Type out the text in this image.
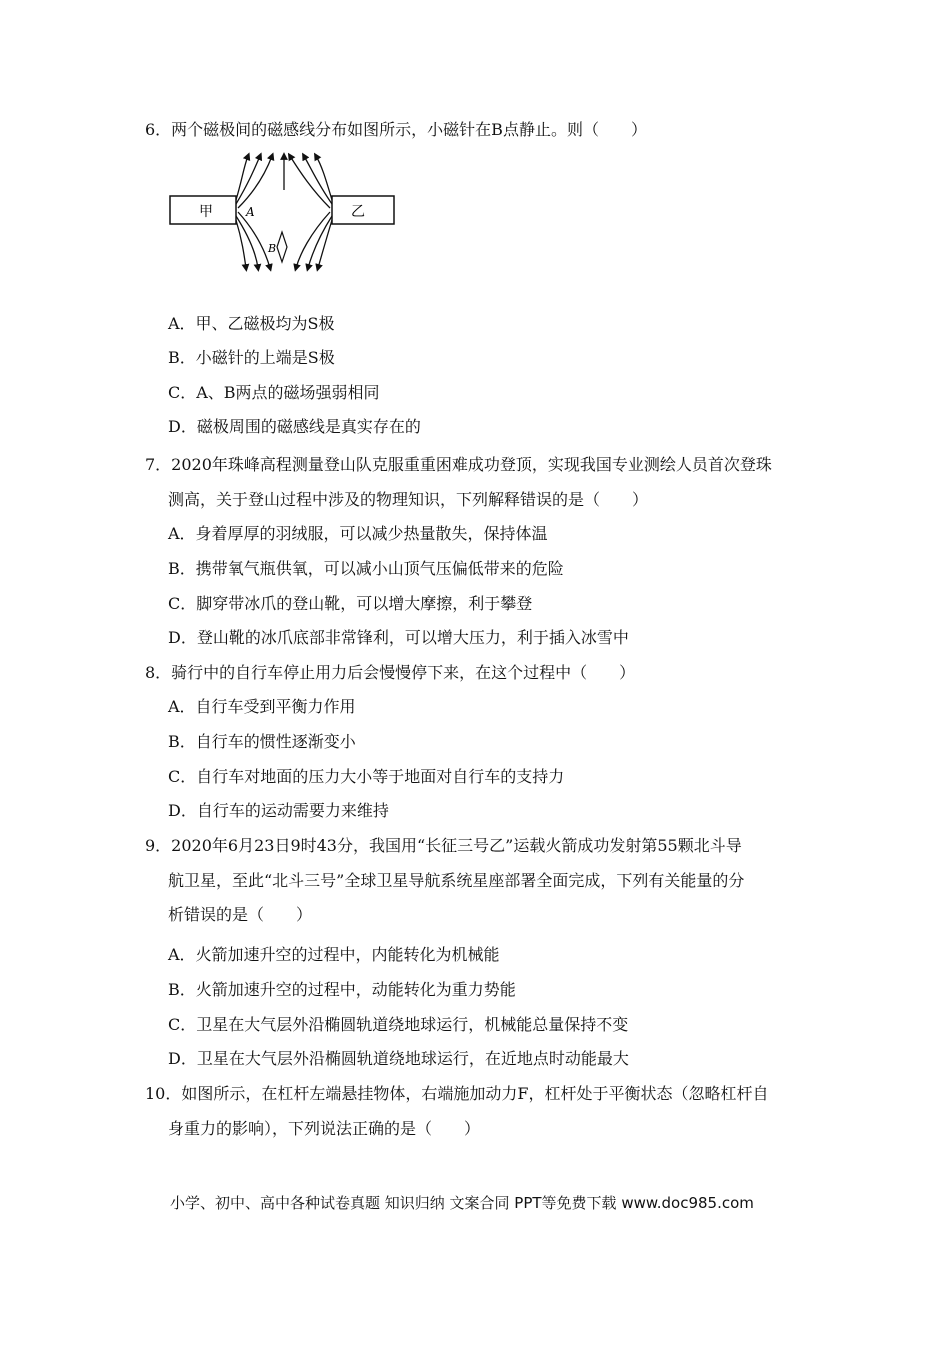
6．两个磁极间的磁感线分布如图所示，小磁针在B点静止。则（　　）
甲	乙
A
B
A．甲、乙磁极均为S极
B．小磁针的上端是S极
C．A、B两点的磁场强弱相同
D．磁极周围的磁感线是真实存在的
7．2020年珠峰高程测量登山队克服重重困难成功登顶，实现我国专业测绘人员首次登珠
测高，关于登山过程中涉及的物理知识，下列解释错误的是（　　）
A．身着厚厚的羽绒服，可以减少热量散失，保持体温
B．携带氧气瓶供氧，可以减小山顶气压偏低带来的危险
C．脚穿带冰爪的登山靴，可以增大摩擦，利于攀登
D．登山靴的冰爪底部非常锋利，可以增大压力，利于插入冰雪中
8．骑行中的自行车停止用力后会慢慢停下来，在这个过程中（　　）
A．自行车受到平衡力作用
B．自行车的惯性逐渐变小
C．自行车对地面的压力大小等于地面对自行车的支持力
D．自行车的运动需要力来维持
9．2020年6月23日9时43分，我国用“长征三号乙”运载火箭成功发射第55颗北斗导
航卫星，至此“北斗三号”全球卫星导航系统星座部署全面完成，下列有关能量的分
析错误的是（　　）
A．火箭加速升空的过程中，内能转化为机械能
B．火箭加速升空的过程中，动能转化为重力势能
C．卫星在大气层外沿椭圆轨道绕地球运行，机械能总量保持不变
D．卫星在大气层外沿椭圆轨道绕地球运行，在近地点时动能最大
10．如图所示，在杠杆左端悬挂物体，右端施加动力F，杠杆处于平衡状态（忽略杠杆自
身重力的影响），下列说法正确的是（　　）
小学、初中、高中各种试卷真题 知识归纳 文案合同 PPT等免费下载 www.doc985.com
